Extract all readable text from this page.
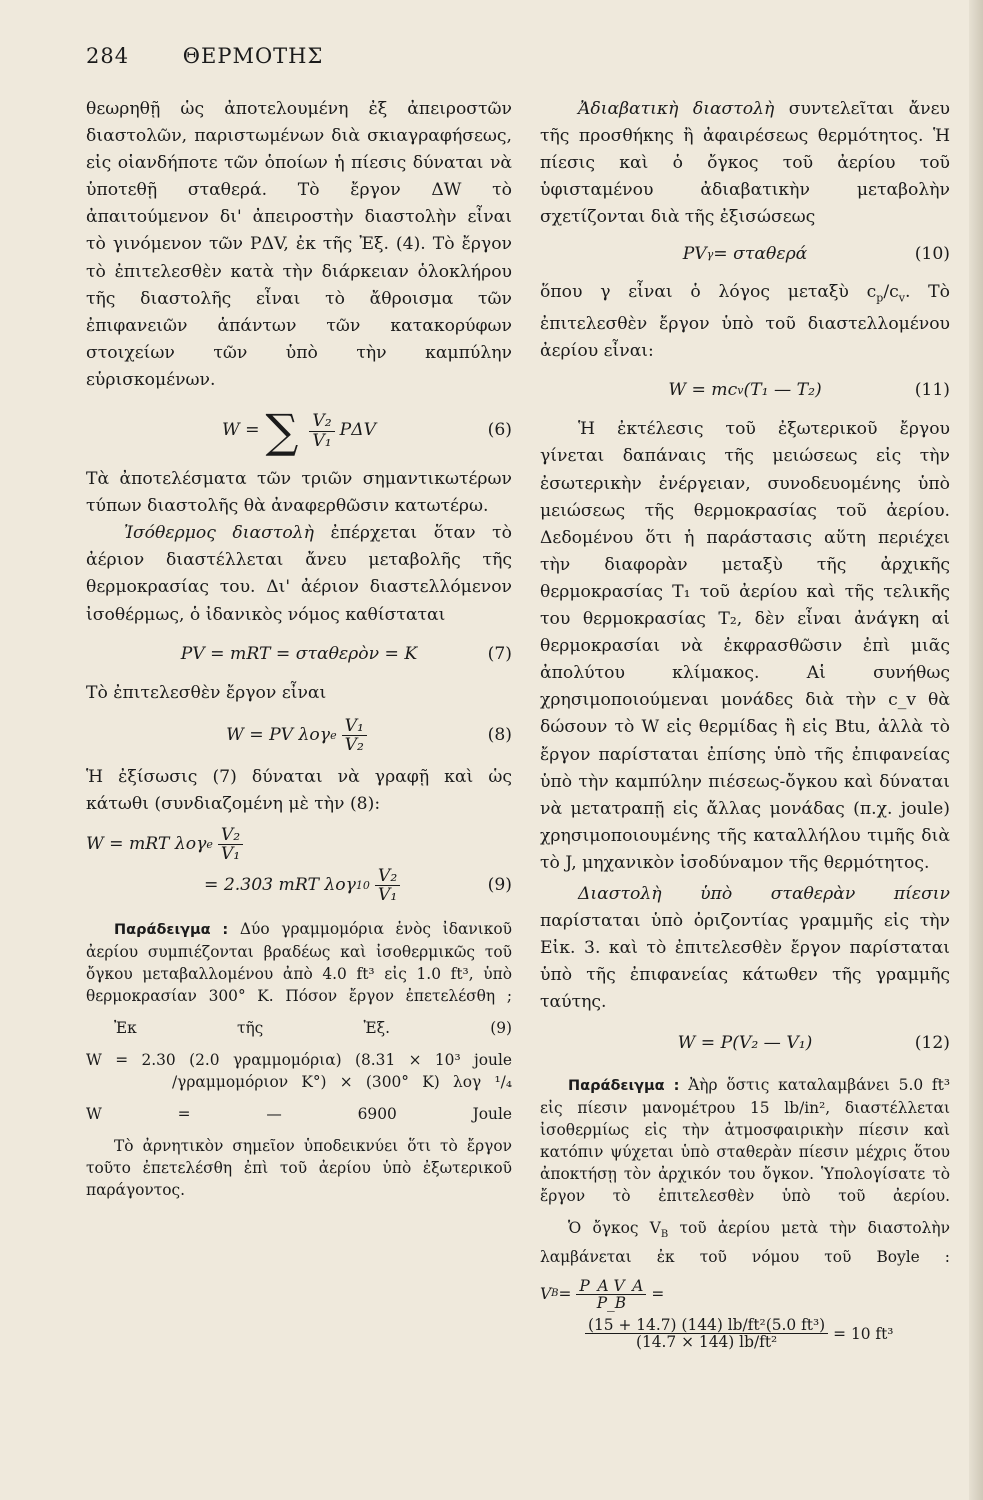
284	ΘΕΡΜΟΤΗΣ

θεωρηθῇ ὡς ἀποτελουμένη ἐξ ἀπειροστῶν διαστολῶν, παριστωμένων διὰ σκιαγραφήσεως, εἰς οἱανδήποτε τῶν ὁποίων ἡ πίεσις δύναται νὰ ὑποτεθῇ σταθερά. Τὸ ἔργον ΔW τὸ ἀπαιτούμενον δι' ἀπειροστὴν διαστολὴν εἶναι τὸ γινόμενον τῶν PΔV, ἐκ τῆς Ἐξ. (4). Τὸ ἔργον τὸ ἐπιτελεσθὲν κατὰ τὴν διάρκειαν ὁλοκλήρου τῆς διαστολῆς εἶναι τὸ ἄθροισμα τῶν ἐπιφανειῶν ἁπάντων τῶν κατακορύφων στοιχείων τῶν ὑπὸ τὴν καμπύλην εὑρισκομένων.

W = ∑ $\frac{\text{V₂}}{\text{V₁}}$ PΔV	(6)

Τὰ ἀποτελέσματα τῶν τριῶν σημαντικωτέρων τύπων διαστολῆς θὰ ἀναφερθῶσιν κατωτέρω.

Ἰσόθερμος διαστολὴ ἐπέρχεται ὅταν τὸ ἀέριον διαστέλλεται ἄνευ μεταβολῆς τῆς θερμοκρασίας του. Δι' ἀέριον διαστελλόμενον ἰσοθέρμως, ὁ ἰδανικὸς νόμος καθίσταται

PV = mRT = σταθερὸν = K	(7)

Τὸ ἐπιτελεσθὲν ἔργον εἶναι

W = PV λογ e $\frac{\text{V₁}}{\text{V₂}}$	(8)

Ἡ ἐξίσωσις (7) δύναται νὰ γραφῇ καὶ ὡς κάτωθι (συνδιαζομένη μὲ τὴν (8):

W = mRT λογ e $\frac{\text{V₂}}{\text{V₁}}$
= 2.303 mRT λογ $10 \frac{\text{V₂}}{\text{V₁}}$	(9)

Παράδειγμα : Δύο γραμμομόρια ἑνὸς ἰδανικοῦ ἀερίου συμπιέζονται βραδέως καὶ ἰσοθερμικῶς τοῦ ὄγκου μεταβαλλομένου ἀπὸ 4.0 ft³ εἰς 1.0 ft³, ὑπὸ θερμοκρασίαν 300° K. Πόσον ἔργον ἐπετελέσθη ;

Ἐκ τῆς Ἐξ. (9)

W = 2.30 (2.0 γραμμομόρια) (8.31 × 10³ joule

/γραμμομόριον K°) × (300° K) λογ ¹/₄

W = — 6900 Joule

Τὸ ἀρνητικὸν σημεῖον ὑποδεικνύει ὅτι τὸ ἔργον τοῦτο ἐπετελέσθη ἐπὶ τοῦ ἀερίου ὑπὸ ἐξωτερικοῦ παράγοντος.

Ἀδιαβατικὴ διαστολὴ συντελεῖται ἄνευ τῆς προσθήκης ἢ ἀφαιρέσεως θερμότητος. Ἡ πίεσις καὶ ὁ ὄγκος τοῦ ἀερίου τοῦ ὑφισταμένου ἀδιαβατικὴν μεταβολὴν σχετίζονται διὰ τῆς ἐξισώσεως

PV γ = σταθερά	(10)

ὅπου γ εἶναι ὁ λόγος μεταξὺ $c_p/c_v$. Τὸ ἐπιτελεσθὲν ἔργον ὑπὸ τοῦ διαστελλομένου ἀερίου εἶναι:

W = mc v (T₁ — T₂)	(11)

Ἡ ἐκτέλεσις τοῦ ἐξωτερικοῦ ἔργου γίνεται δαπάναις τῆς μειώσεως εἰς τὴν ἐσωτερικὴν ἐνέργειαν, συνοδευομένης ὑπὸ μειώσεως τῆς θερμοκρασίας τοῦ ἀερίου. Δεδομένου ὅτι ἡ παράστασις αὕτη περιέχει τὴν διαφορὰν μεταξὺ τῆς ἀρχικῆς θερμοκρασίας T₁ τοῦ ἀερίου καὶ τῆς τελικῆς του θερμοκρασίας T₂, δὲν εἶναι ἀνάγκη αἱ θερμοκρασίαι νὰ ἐκφρασθῶσιν ἐπὶ μιᾶς ἀπολύτου κλίμακος. Αἱ συνήθως χρησιμοποιούμεναι μονάδες διὰ τὴν c_v θὰ δώσουν τὸ W εἰς θερμίδας ἢ εἰς Btu, ἀλλὰ τὸ ἔργον παρίσταται ἐπίσης ὑπὸ τῆς ἐπιφανείας ὑπὸ τὴν καμπύλην πιέσεως-ὄγκου καὶ δύναται νὰ μετατραπῇ εἰς ἄλλας μονάδας (π.χ. joule) χρησιμοποιουμένης τῆς καταλλήλου τιμῆς διὰ τὸ J, μηχανικὸν ἰσοδύναμον τῆς θερμότητος.

Διαστολὴ ὑπὸ σταθερὰν πίεσιν παρίσταται ὑπὸ ὁριζοντίας γραμμῆς εἰς τὴν Εἰκ. 3. καὶ τὸ ἐπιτελεσθὲν ἔργον παρίσταται ὑπὸ τῆς ἐπιφανείας κάτωθεν τῆς γραμμῆς ταύτης.

W = P(V₂ — V₁)	(12)

Παράδειγμα : Ἀὴρ ὅστις καταλαμβάνει 5.0 ft³ εἰς πίεσιν μανομέτρου 15 lb/in², διαστέλλεται ἰσοθερμίως εἰς τὴν ἀτμοσφαιρικὴν πίεσιν καὶ κατόπιν ψύχεται ὑπὸ σταθερὰν πίεσιν μέχρις ὅτου ἀποκτήσῃ τὸν ἀρχικόν του ὄγκον. Ὑπολογίσατε τὸ ἔργον τὸ ἐπιτελεσθὲν ὑπὸ τοῦ ἀερίου.

Ὁ ὄγκος $V_B$ τοῦ ἀερίου μετὰ τὴν διαστολὴν λαμβάνεται ἐκ τοῦ νόμου τοῦ Boyle :

V $B = \frac{\text{P\_A V\_A}}{P\_B}$ =
$\frac{\text{(15 + 14.7) (144) lb/ft²(5.0 ft³)}}{\text{(14.7 × 144) lb/ft²}} = 10$ ft³
